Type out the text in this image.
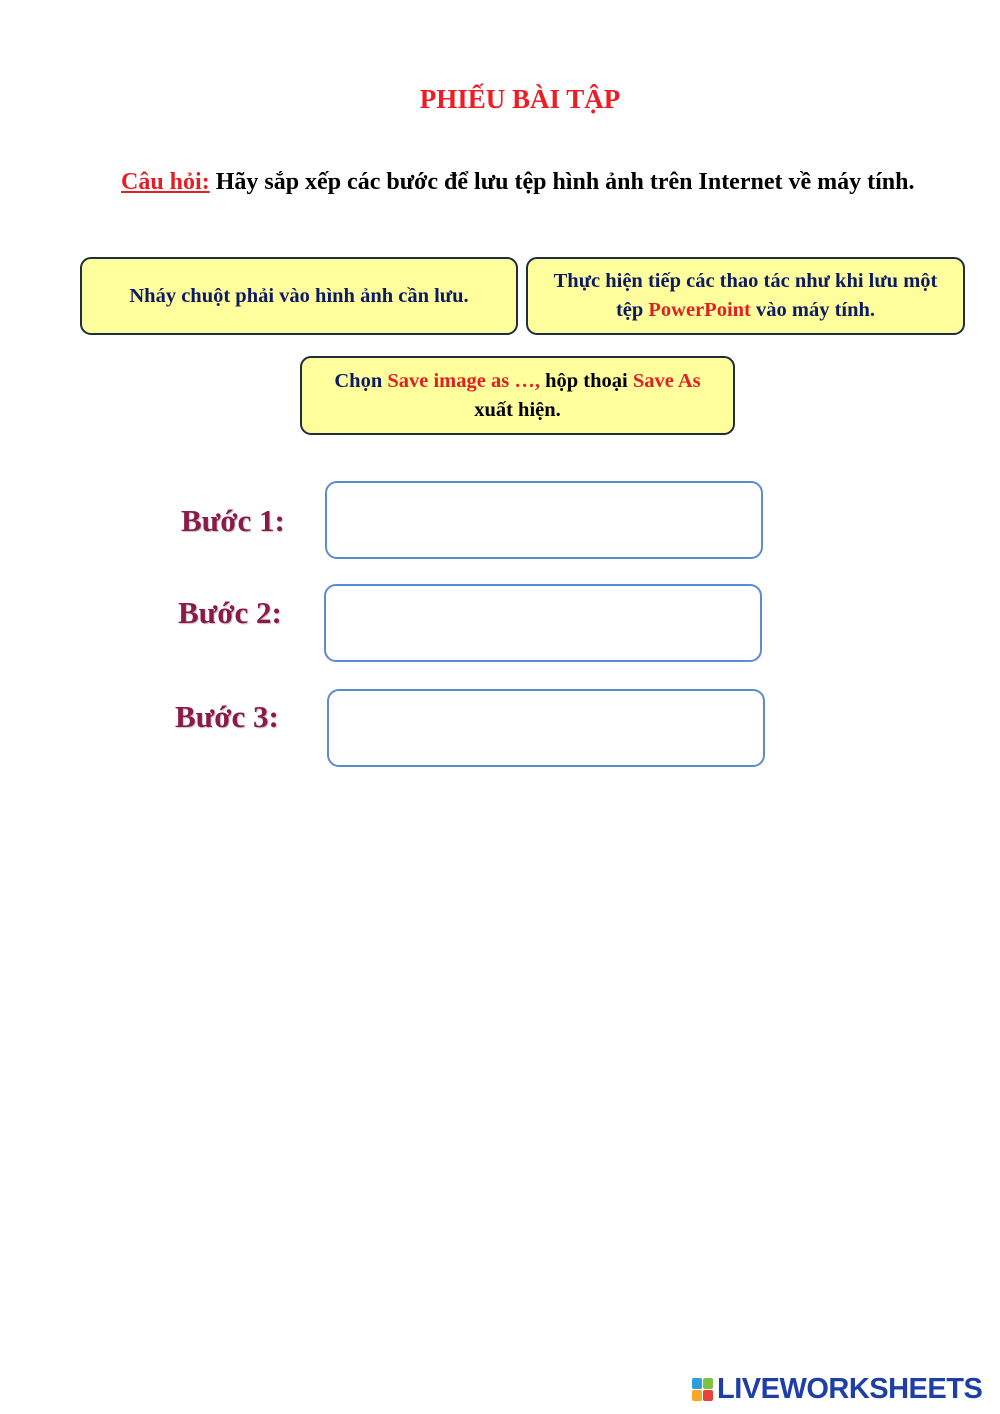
PHIẾU BÀI TẬP
Câu hỏi: Hãy sắp xếp các bước để lưu tệp hình ảnh trên Internet về máy tính.
Nháy chuột phải vào hình ảnh cần lưu.
Thực hiện tiếp các thao tác như khi lưu một tệp PowerPoint vào máy tính.
Chọn Save image as …, hộp thoại Save As xuất hiện.
Bước 1:
Bước 2:
Bước 3:
LIVEWORKSHEETS
